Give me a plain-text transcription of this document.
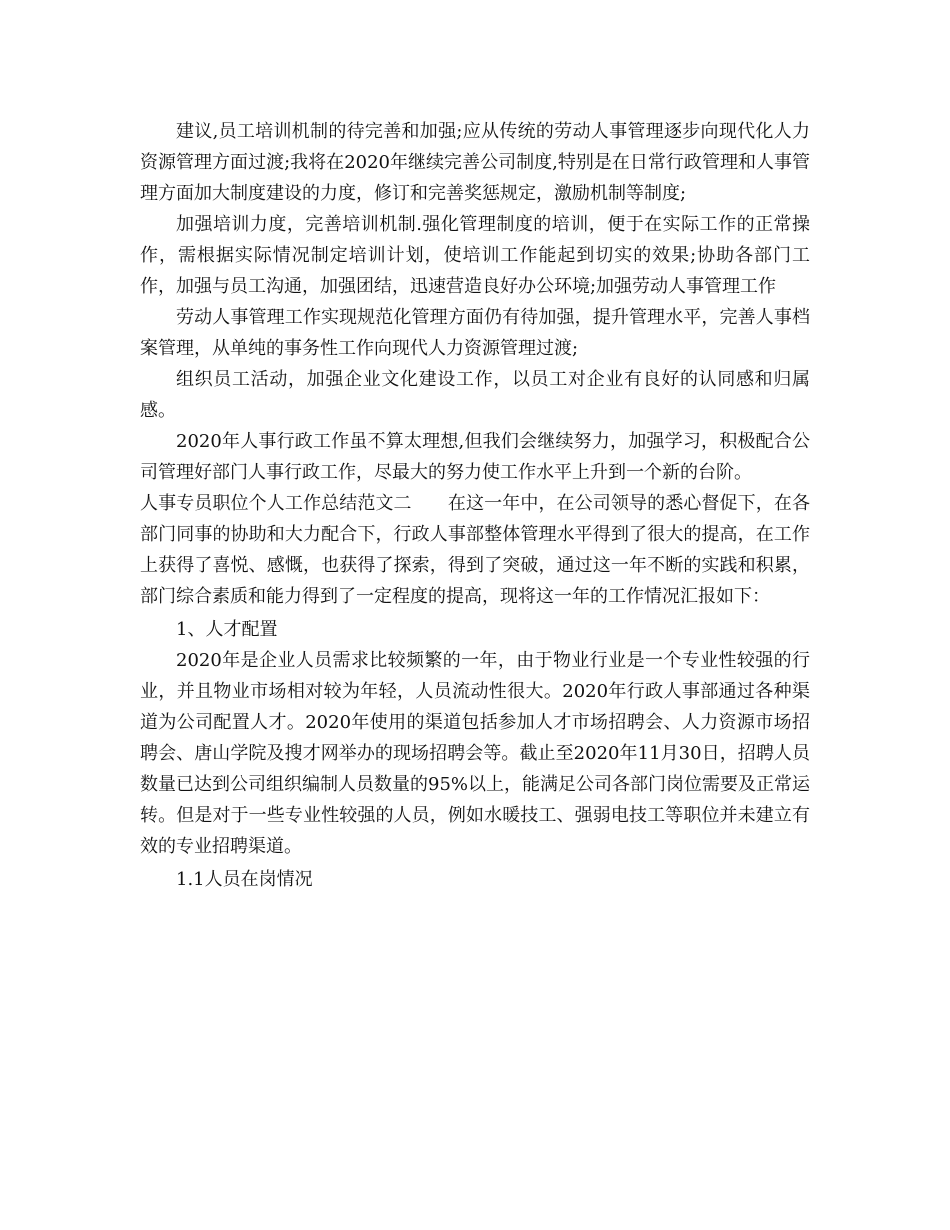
建议,员工培训机制的待完善和加强;应从传统的劳动人事管理逐步向现代化人力资源管理方面过渡;我将在2020年继续完善公司制度,特别是在日常行政管理和人事管理方面加大制度建设的力度，修订和完善奖惩规定，激励机制等制度;

加强培训力度，完善培训机制.强化管理制度的培训，便于在实际工作的正常操作，需根据实际情况制定培训计划，使培训工作能起到切实的效果;协助各部门工作，加强与员工沟通，加强团结，迅速营造良好办公环境;加强劳动人事管理工作

劳动人事管理工作实现规范化管理方面仍有待加强，提升管理水平，完善人事档案管理，从单纯的事务性工作向现代人力资源管理过渡;

组织员工活动，加强企业文化建设工作，以员工对企业有良好的认同感和归属感。

2020年人事行政工作虽不算太理想,但我们会继续努力，加强学习，积极配合公司管理好部门人事行政工作，尽最大的努力使工作水平上升到一个新的台阶。

人事专员职位个人工作总结范文二　　在这一年中，在公司领导的悉心督促下，在各部门同事的协助和大力配合下，行政人事部整体管理水平得到了很大的提高，在工作上获得了喜悦、感慨，也获得了探索，得到了突破，通过这一年不断的实践和积累，部门综合素质和能力得到了一定程度的提高，现将这一年的工作情况汇报如下：

1、人才配置

2020年是企业人员需求比较频繁的一年，由于物业行业是一个专业性较强的行业，并且物业市场相对较为年轻，人员流动性很大。2020年行政人事部通过各种渠道为公司配置人才。2020年使用的渠道包括参加人才市场招聘会、人力资源市场招聘会、唐山学院及搜才网举办的现场招聘会等。截止至2020年11月30日，招聘人员数量已达到公司组织编制人员数量的95%以上，能满足公司各部门岗位需要及正常运转。但是对于一些专业性较强的人员，例如水暖技工、强弱电技工等职位并未建立有效的专业招聘渠道。

1.1人员在岗情况
